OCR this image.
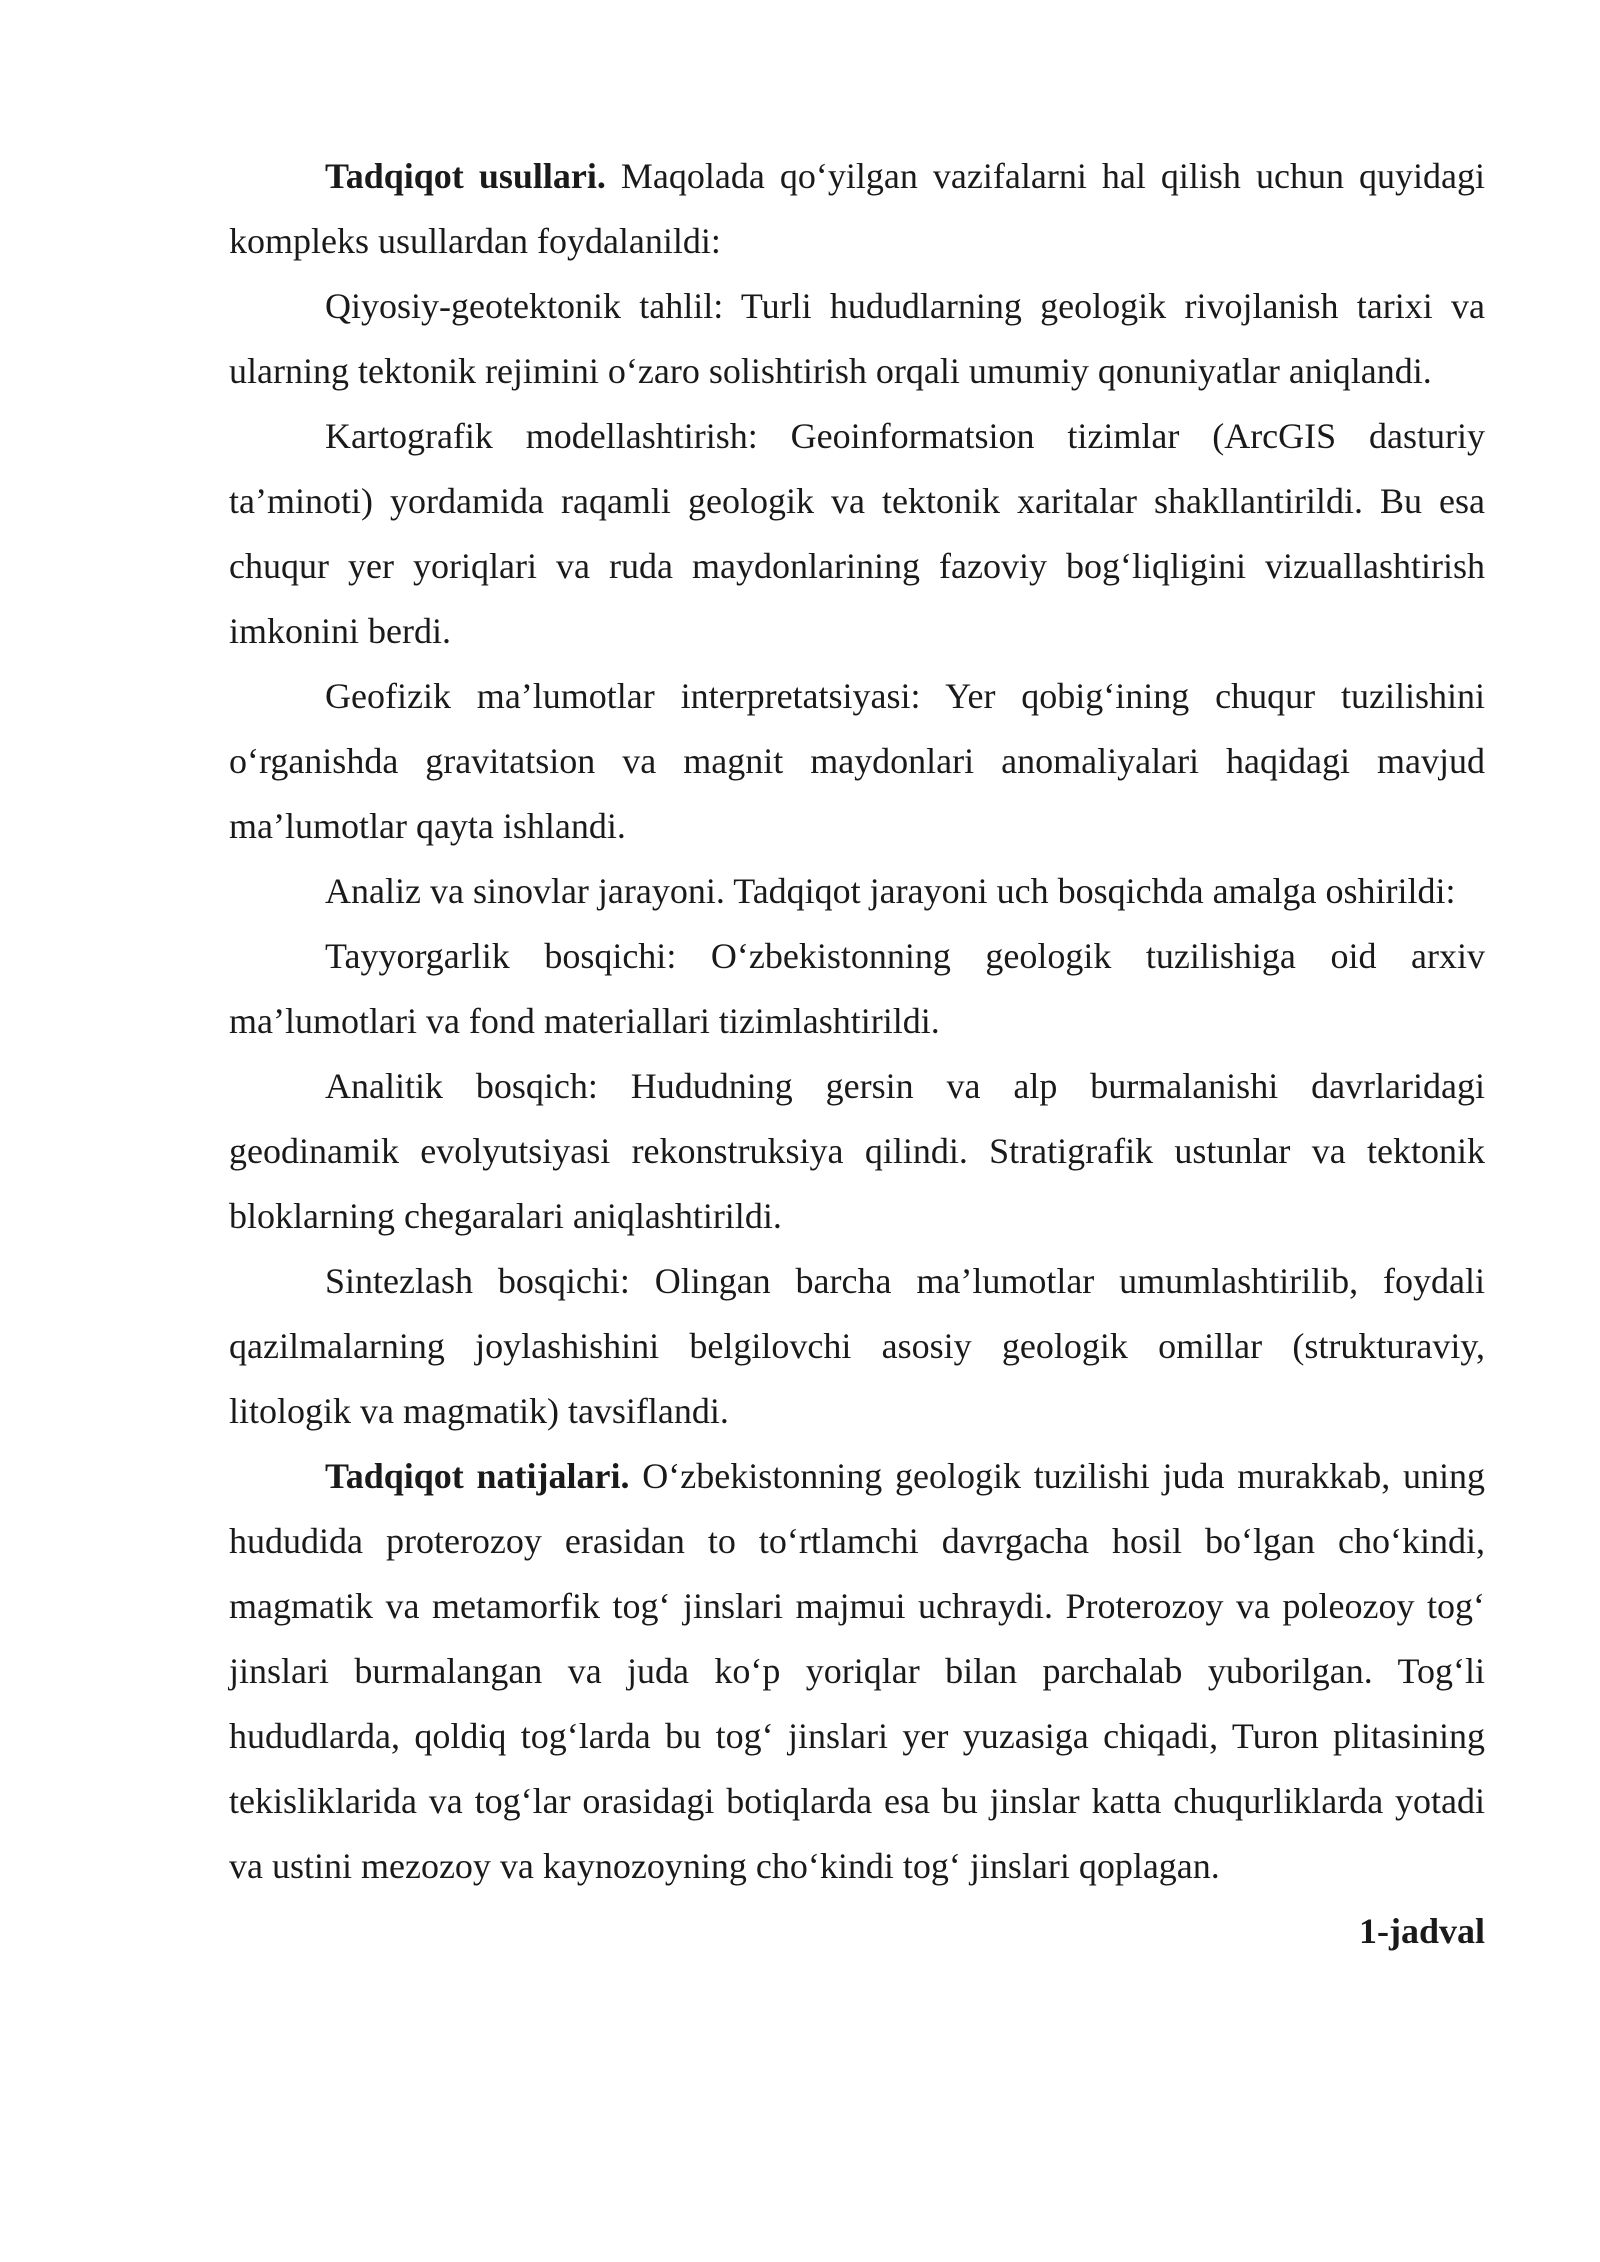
Tadqiqot usullari. Maqolada qo‘yilgan vazifalarni hal qilish uchun quyidagi kompleks usullardan foydalanildi:

Qiyosiy-geotektonik tahlil: Turli hududlarning geologik rivojlanish tarixi va ularning tektonik rejimini o‘zaro solishtirish orqali umumiy qonuniyatlar aniqlandi.

Kartografik modellashtirish: Geoinformatsion tizimlar (ArcGIS dasturiy ta’minoti) yordamida raqamli geologik va tektonik xaritalar shakllantirildi. Bu esa chuqur yer yoriqlari va ruda maydonlarining fazoviy bog‘liqligini vizuallashtirish imkonini berdi.

Geofizik ma’lumotlar interpretatsiyasi: Yer qobig‘ining chuqur tuzilishini o‘rganishda gravitatsion va magnit maydonlari anomaliyalari haqidagi mavjud ma’lumotlar qayta ishlandi.

Analiz va sinovlar jarayoni. Tadqiqot jarayoni uch bosqichda amalga oshirildi:

Tayyorgarlik bosqichi: O‘zbekistonning geologik tuzilishiga oid arxiv ma’lumotlari va fond materiallari tizimlashtirildi.

Analitik bosqich: Hududning gersin va alp burmalanishi davrlaridagi geodinamik evolyutsiyasi rekonstruksiya qilindi. Stratigrafik ustunlar va tektonik bloklarning chegaralari aniqlashtirildi.

Sintezlash bosqichi: Olingan barcha ma’lumotlar umumlashtirilib, foydali qazilmalarning joylashishini belgilovchi asosiy geologik omillar (strukturaviy, litologik va magmatik) tavsiflandi.

Tadqiqot natijalari. O‘zbekistonning geologik tuzilishi juda murakkab, uning hududida proterozoy erasidan to to‘rtlamchi davrgacha hosil bo‘lgan cho‘kindi, magmatik va metamorfik tog‘ jinslari majmui uchraydi. Proterozoy va poleozoy tog‘ jinslari burmalangan va juda ko‘p yoriqlar bilan parchalab yuborilgan. Tog‘li hududlarda, qoldiq tog‘larda bu tog‘ jinslari yer yuzasiga chiqadi, Turon plitasining tekisliklarida va tog‘lar orasidagi botiqlarda esa bu jinslar katta chuqurliklarda yotadi va ustini mezozoy va kaynozoyning cho‘kindi tog‘ jinslari qoplagan.

1-jadval
